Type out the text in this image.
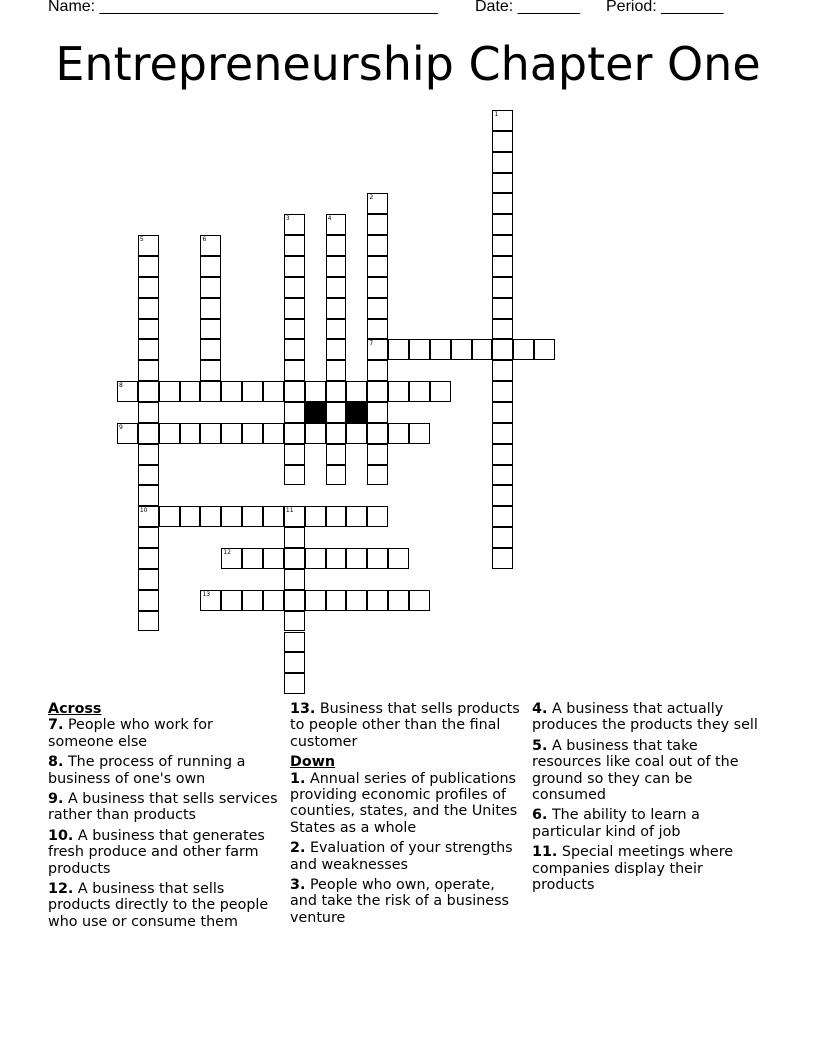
Name: ______________________________________ Date: _______ Period: _______
Entrepreneurship Chapter One
1
2
3	4
5	6
7
8
9
10	11
12
13
Across
7. People who work for someone else
8. The process of running a business of one's own
9. A business that sells services rather than products
10. A business that generates fresh produce and other farm products
12. A business that sells products directly to the people who use or consume them
13. Business that sells products to people other than the final customer
Down
1. Annual series of publications providing economic profiles of counties, states, and the Unites States as a whole
2. Evaluation of your strengths and weaknesses
3. People who own, operate, and take the risk of a business venture
4. A business that actually produces the products they sell
5. A business that take resources like coal out of the ground so they can be consumed
6. The ability to learn a particular kind of job
11. Special meetings where companies display their products
